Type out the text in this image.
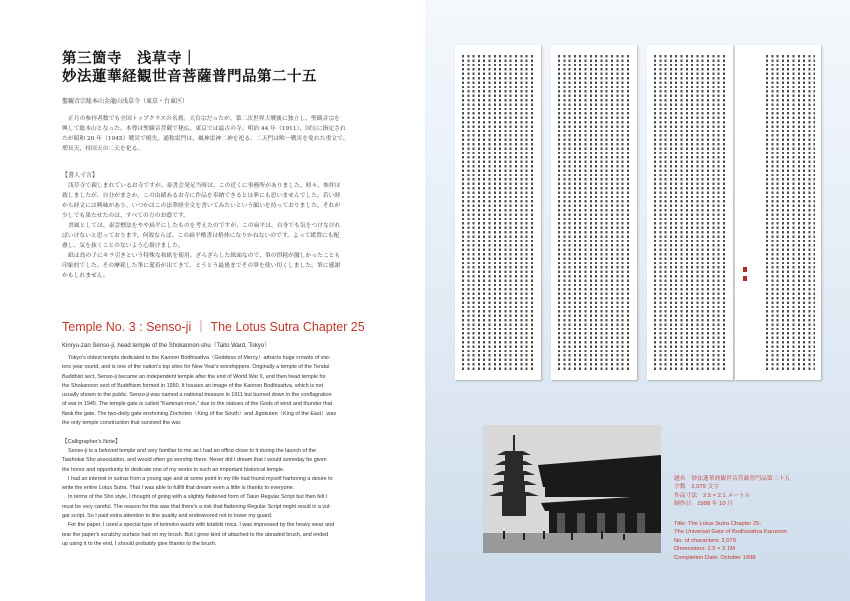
第三箇寺　浅草寺｜
妙法蓮華経観世音菩薩普門品第二十五
聖観音宗総本山金龍山浅草寺（東京・台東区）

正月の参拝者数でも全国トップクラスの名刹。天台宗だったが、第二次世界大戦後に独立し、聖観音宗を

興して総本山となった。本尊は聖観音菩薩で秘仏。東京では最古の寺。明治 44 年（1911）、国宝に指定され

たが昭和 20 年（1945）戦災で焼失。通称雷門は、風神雷神二神を祀る。二天門は唯一戦災を免れた重文で、

増長天、持国天の二天を祀る。

【書人寸言】

浅草寺で親しまれているお寺ですが、泰書会発足当時は、この近くに事務所がありました。時々、参拝は

致しましたが、自分がまさか、この由緒あるお寺に作品を奉納できるとは夢にも思いませんでした。若い時

から経文には興味があり、いつかはこの法華経全文を書いてみたいという願いを持っておりました。それが

少しでも果たせたのは、すべての方のお蔭です。

書風としては、泰雲標法をやや扁平にしたものを考えたのですが、この扁平は、自身でも気をつけなけれ

ばいけないと思っております。何故ならば、この扁平楷書は格体になりかねないのです。よって緩置にも配

慮し、気を抜くことのないよう心掛けました。

紙は鳥の子にキラ引きという特殊な和紙を使用。ざらざらした紙面なので、筆の摂耗が激しかったことも

印象的でした。その摩耗した筆に愛着が出てきて、とうとう最後までその筆を使い切くしました。筆に感謝

かもしれません。

Temple No. 3 : Senso-ji ｜ The Lotus Sutra Chapter 25
Kinryu-zan Senso-ji, head temple of the Shokannon-shu（Taito Ward, Tokyo）

Tokyo's oldest temple dedicated to the Kannon Bodhisattva（Goddess of Mercy）attracts huge crowds of visi-

tors year round, and is one of the nation's top sites for New Year's worshippers. Originally a temple of the Tendai

Buddhist sect, Senso-ji became an independent temple after the end of World War II, and then head temple for

the Shokannon sect of Buddhism formed in 1950. It houses an image of the Kannon Bodhisattva, which is not

usually shown to the public. Senso-ji was named a national treasure in 1911 but burned down in the conflagration

of war in 1945. The temple gate is called "Kaminari-mon," due to the statues of the Gods of wind and thunder that

flank the gate. The two-deity gate enshrining Zochoten（King of the South）and Jigokuten（King of the East）was

the only temple construction that survived the war.

【Calligrapher's Note】

Senso-ji is a beloved temple and very familiar to me as I had an office close to it during the launch of the

Taishokai Sho association, and would often go worship there. Never did I dream that I would someday be given

the honor and opportunity to dedicate one of my works to such an important historical temple.

I had an interest in sutras from a young age and at some point in my life had found myself harboring a desire to

write the entire Lotus Sutra. That I was able to fulfill that dream even a little is thanks to everyone.

In terms of the Sho style, I thought of going with a slightly flattened form of Taiun Regular Script but then felt I

must be very careful. The reason for this was that there's a risk that flattening Regular Script might result in a vul-

gar script. So I paid extra attention to line quality and endeavored not to lower my guard.

For the paper, I used a special type of torinoko washi with kirabiki mica. I was impressed by the heavy wear and

tear the paper's scratchy surface had on my brush. But I grew kind of attached to the abraded brush, and ended

up using it to the end. I should probably give thanks to the brush.

題名　妙法蓮華経観世音菩薩普門品第二十五
字数　2,079 文字
作品寸法　2.5 × 2.1 メートル
制作日　1998 年 10 月
Title: The Lotus Sutra Chapter 25:
The Universal Gate of Bodhisattva Kanzeon
No. of characters: 2,079
Dimensions: 2.5 × 2.1M
Completion Date: October 1998
